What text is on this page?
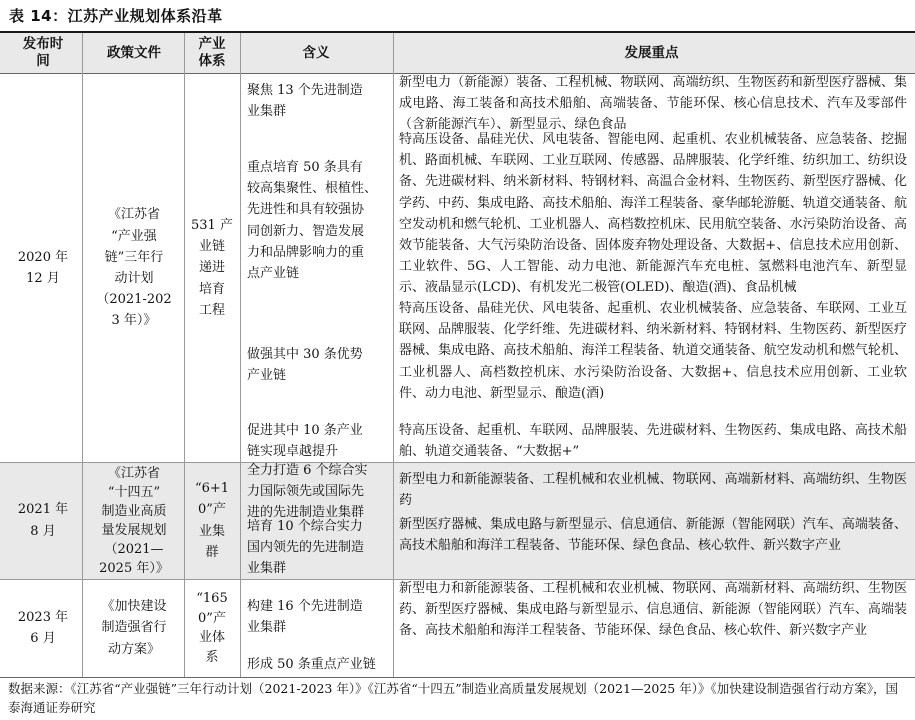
表 14：江苏产业规划体系沿革
发布时
间
政策文件
产业
体系
含义	发展重点
2020 年
12 月
《江苏省
“产业强
链”三年行
动计划
（2021-202
3 年）》
531 产
业链
递进
培育
工程
聚焦 13 个先进制造
业集群
重点培育 50 条具有
较高集聚性、根植性、
先进性和具有较强协
同创新力、智造发展
力和品牌影响力的重
点产业链
做强其中 30 条优势
产业链
促进其中 10 条产业
链实现卓越提升
新型电力（新能源）装备、工程机械、物联网、高端纺织、生物医药和新型医疗器械、集成电路、海工装备和高技术船舶、高端装备、节能环保、核心信息技术、汽车及零部件（含新能源汽车）、新型显示、绿色食品
特高压设备、晶硅光伏、风电装备、智能电网、起重机、农业机械装备、应急装备、挖掘机、路面机械、车联网、工业互联网、传感器、品牌服装、化学纤维、纺织加工、纺织设备、先进碳材料、纳米新材料、特钢材料、高温合金材料、生物医药、新型医疗器械、化学药、中药、集成电路、高技术船舶、海洋工程装备、豪华邮轮游艇、轨道交通装备、航空发动机和燃气轮机、工业机器人、高档数控机床、民用航空装备、水污染防治设备、高效节能装备、大气污染防治设备、固体废弃物处理设备、大数据+、信息技术应用创新、工业软件、5G、人工智能、动力电池、新能源汽车充电桩、氢燃料电池汽车、新型显示、液晶显示(LCD)、有机发光二极管(OLED)、酿造(酒)、食品机械
特高压设备、晶硅光伏、风电装备、起重机、农业机械装备、应急装备、车联网、工业互联网、品牌服装、化学纤维、先进碳材料、纳米新材料、特钢材料、生物医药、新型医疗器械、集成电路、高技术船舶、海洋工程装备、轨道交通装备、航空发动机和燃气轮机、工业机器人、高档数控机床、水污染防治设备、大数据+、信息技术应用创新、工业软件、动力电池、新型显示、酿造(酒)
特高压设备、起重机、车联网、品牌服装、先进碳材料、生物医药、集成电路、高技术船舶、轨道交通装备、“大数据+”
2021 年
8 月
《江苏省
“十四五”
制造业高质
量发展规划
（2021—
2025 年）》
“6+1
0”产
业集
群
全力打造 6 个综合实
力国际领先或国际先
进的先进制造业集群
培育 10 个综合实力
国内领先的先进制造
业集群
新型电力和新能源装备、工程机械和农业机械、物联网、高端新材料、高端纺织、生物医药
新型医疗器械、集成电路与新型显示、信息通信、新能源（智能网联）汽车、高端装备、高技术船舶和海洋工程装备、节能环保、绿色食品、核心软件、新兴数字产业
2023 年
6 月
《加快建设
制造强省行
动方案》
“165
0”产
业体
系
构建 16 个先进制造
业集群
形成 50 条重点产业链
新型电力和新能源装备、工程机械和农业机械、物联网、高端新材料、高端纺织、生物医药、新型医疗器械、集成电路与新型显示、信息通信、新能源（智能网联）汽车、高端装备、高技术船舶和海洋工程装备、节能环保、绿色食品、核心软件、新兴数字产业
数据来源：《江苏省“产业强链”三年行动计划（2021-2023 年）》《江苏省“十四五”制造业高质量发展规划（2021—2025 年）》《加快建设制造强省行动方案》，国泰海通证券研究
